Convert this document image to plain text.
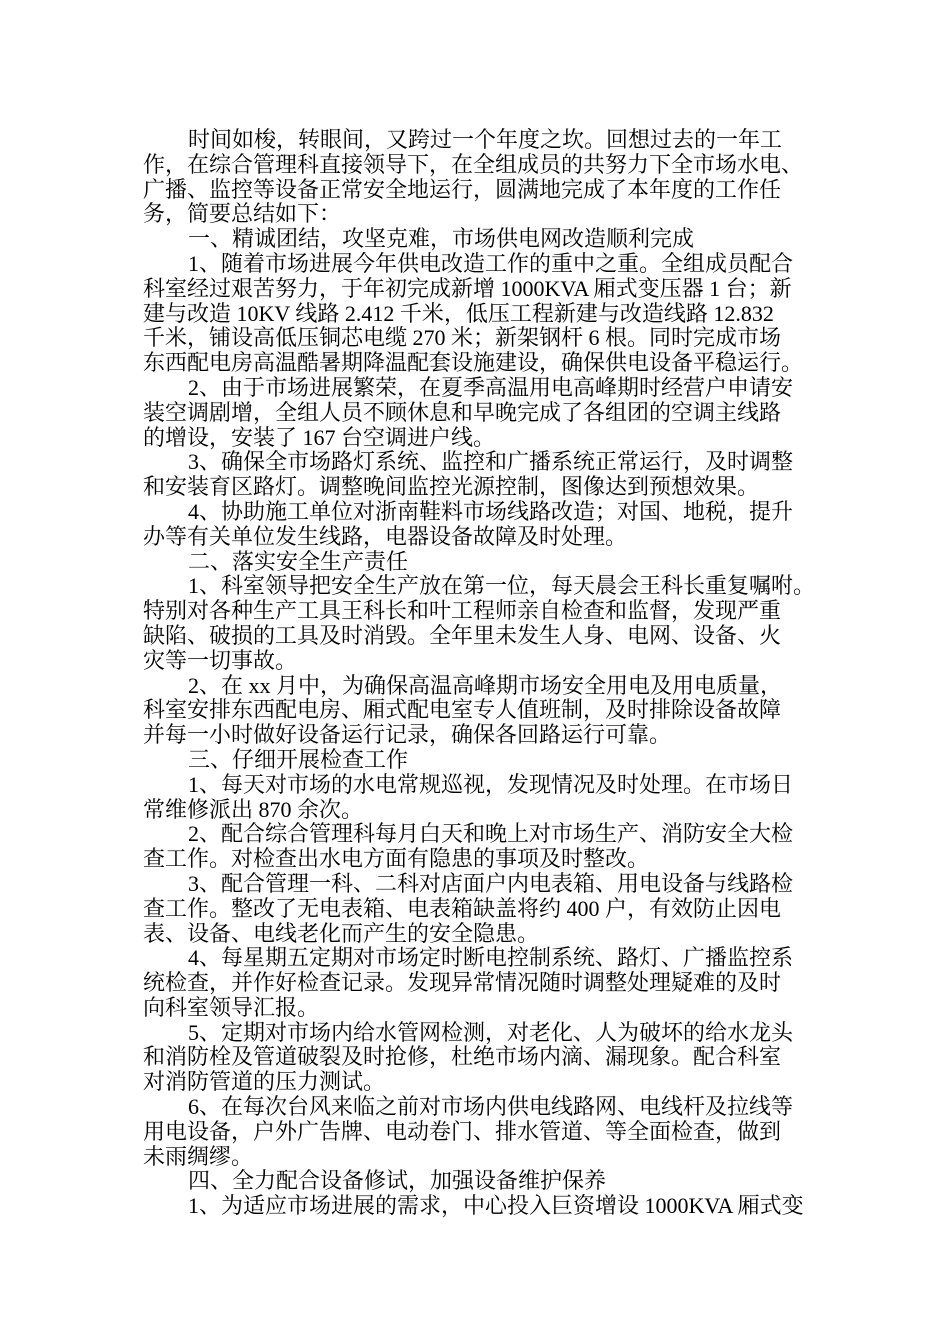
时间如梭，转眼间，又跨过一个年度之坎。回想过去的一年工
作，在综合管理科直接领导下，在全组成员的共努力下全市场水电、
广播、监控等设备正常安全地运行，圆满地完成了本年度的工作任
务，简要总结如下：
一、精诚团结，攻坚克难，市场供电网改造顺利完成
1、随着市场进展今年供电改造工作的重中之重。全组成员配合
科室经过艰苦努力，于年初完成新增 1000KVA 厢式变压器 1 台；新
建与改造 10KV 线路 2.412 千米，低压工程新建与改造线路 12.832
千米，铺设高低压铜芯电缆 270 米；新架钢杆 6 根。同时完成市场
东西配电房高温酷暑期降温配套设施建设，确保供电设备平稳运行。
2、由于市场进展繁荣，在夏季高温用电高峰期时经营户申请安
装空调剧增，全组人员不顾休息和早晚完成了各组团的空调主线路
的增设，安装了 167 台空调进户线。
3、确保全市场路灯系统、监控和广播系统正常运行，及时调整
和安装育区路灯。调整晚间监控光源控制，图像达到预想效果。
4、协助施工单位对浙南鞋料市场线路改造；对国、地税，提升
办等有关单位发生线路，电器设备故障及时处理。
二、落实安全生产责任
1、科室领导把安全生产放在第一位，每天晨会王科长重复嘱咐。
特别对各种生产工具王科长和叶工程师亲自检查和监督，发现严重
缺陷、破损的工具及时消毁。全年里未发生人身、电网、设备、火
灾等一切事故。
2、在 xx 月中，为确保高温高峰期市场安全用电及用电质量，
科室安排东西配电房、厢式配电室专人值班制，及时排除设备故障
并每一小时做好设备运行记录，确保各回路运行可靠。
三、仔细开展检查工作
1、每天对市场的水电常规巡视，发现情况及时处理。在市场日
常维修派出 870 余次。
2、配合综合管理科每月白天和晚上对市场生产、消防安全大检
查工作。对检查出水电方面有隐患的事项及时整改。
3、配合管理一科、二科对店面户内电表箱、用电设备与线路检
查工作。整改了无电表箱、电表箱缺盖将约 400 户，有效防止因电
表、设备、电线老化而产生的安全隐患。
4、每星期五定期对市场定时断电控制系统、路灯、广播监控系
统检查，并作好检查记录。发现异常情况随时调整处理疑难的及时
向科室领导汇报。
5、定期对市场内给水管网检测，对老化、人为破坏的给水龙头
和消防栓及管道破裂及时抢修，杜绝市场内滴、漏现象。配合科室
对消防管道的压力测试。
6、在每次台风来临之前对市场内供电线路网、电线杆及拉线等
用电设备，户外广告牌、电动卷门、排水管道、等全面检查，做到
未雨绸缪。
四、全力配合设备修试，加强设备维护保养
1、为适应市场进展的需求，中心投入巨资增设 1000KVA 厢式变
